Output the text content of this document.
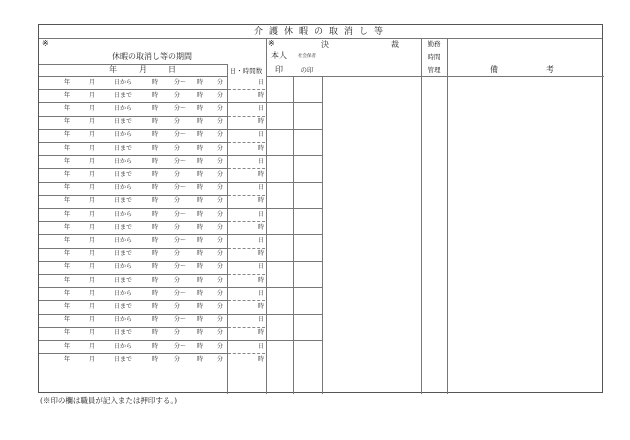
介護休暇の取消し等
※
休暇の取消し等の期間
年	月	日	日・時間数
※
本人
印
決	裁
社会保者
の印
勤務
時間
管理	備	考
年	月	日から	時	分〜 時 分	日
年	月	日まで	時	分	時 分	時
年	月	日から	時	分〜 時 分	日
年	月	日まで	時	分	時 分	時
年	月	日から	時	分〜 時 分	日
年	月	日まで	時	分	時 分	時
年	月	日から	時	分〜 時 分	日
年	月	日まで	時	分	時 分	時
年	月	日から	時	分〜 時 分	日
年	月	日まで	時	分	時 分	時
年	月	日から	時	分〜 時 分	日
年	月	日まで	時	分	時 分	時
年	月	日から	時	分〜 時 分	日
年	月	日まで	時	分	時 分	時
年	月	日から	時	分〜 時 分	日
年	月	日まで	時	分	時 分	時
年	月	日から	時	分〜 時 分	日
年	月	日まで	時	分	時 分	時
年	月	日から	時	分〜 時 分	日
年	月	日まで	時	分	時 分	時
年	月	日から	時	分〜 時 分	日
年	月	日まで	時	分	時 分	時
(※印の欄は職員が記入または押印する。)
